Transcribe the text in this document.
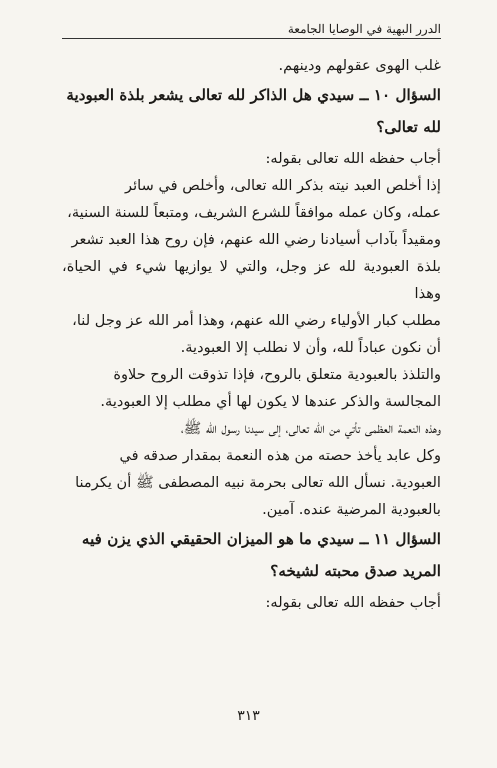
الدرر البهية في الوصايا الجامعة

غلب الهوى عقولهم ودينهم.

السؤال ١٠ ــ سيدي هل الذاكر لله تعالى يشعر بلذة العبودية

لله تعالى؟

أجاب حفظه الله تعالى بقوله:

إذا أخلص العبد نيته بذكر الله تعالى، وأخلص في سائر

عمله، وكان عمله موافقاً للشرع الشريف، ومتبعاً للسنة السنية،

ومقيداً بآداب أسيادنا رضي الله عنهم، فإن روح هذا العبد تشعر

بلذة العبودية لله عز وجل، والتي لا يوازيها شيء في الحياة، وهذا

مطلب كبار الأولياء رضي الله عنهم، وهذا أمر الله عز وجل لنا،

أن نكون عباداً لله، وأن لا نطلب إلا العبودية.

والتلذذ بالعبودية متعلق بالروح، فإذا تذوقت الروح حلاوة

المجالسة والذكر عندها لا يكون لها أي مطلب إلا العبودية.

وهذه النعمة العظمى تأتي من الله تعالى، إلى سيدنا رسول الله ﷺ،

وكل عابد يأخذ حصته من هذه النعمة بمقدار صدقه في

العبودية. نسأل الله تعالى بحرمة نبيه المصطفى ﷺ أن يكرمنا

بالعبودية المرضية عنده. آمين.

السؤال ١١ ــ سيدي ما هو الميزان الحقيقي الذي يزن فيه

المريد صدق محبته لشيخه؟

أجاب حفظه الله تعالى بقوله:

٣١٣
